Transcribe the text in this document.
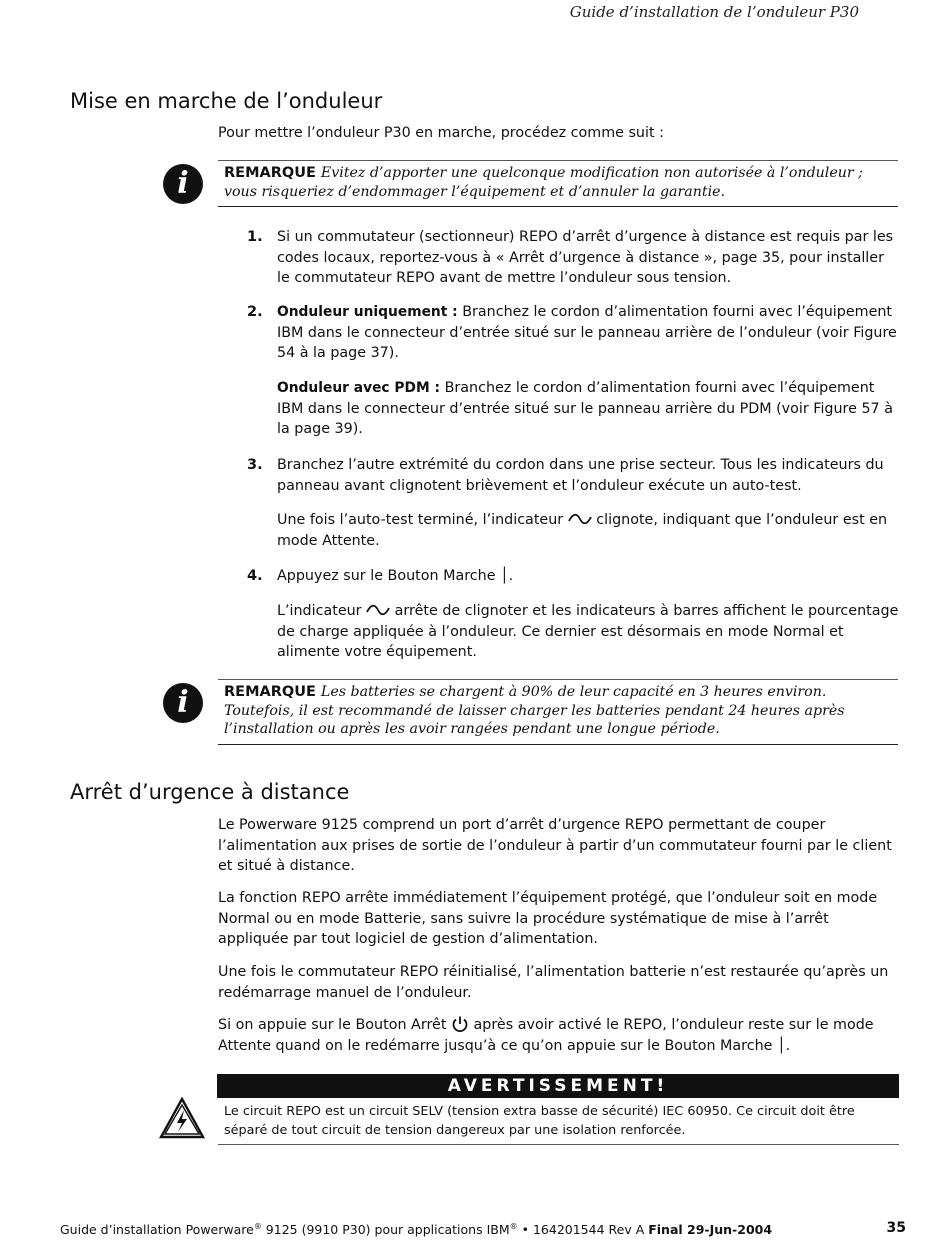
Guide d’installation de l’onduleur P30
Mise en marche de l’onduleur

Pour mettre l’onduleur P30 en marche, procédez comme suit :

i	REMARQUE Evitez d’apporter une quelconque modification non autorisée à l’onduleur ; vous risqueriez d’endommager l’équipement et d’annuler la garantie.
1. Si un commutateur (sectionneur) REPO d’arrêt d’urgence à distance est requis par les codes locaux, reportez-vous à « Arrêt d’urgence à distance », page 35, pour installer le commutateur REPO avant de mettre l’onduleur sous tension.

2. Onduleur uniquement : Branchez le cordon d’alimentation fourni avec l’équipement IBM dans le connecteur d’entrée situé sur le panneau arrière de l’onduleur (voir Figure 54 à la page 37).

Onduleur avec PDM : Branchez le cordon d’alimentation fourni avec l’équipement IBM dans le connecteur d’entrée situé sur le panneau arrière du PDM (voir Figure 57 à la page 39).

3. Branchez l’autre extrémité du cordon dans une prise secteur. Tous les indicateurs du panneau avant clignotent brièvement et l’onduleur exécute un auto-test.

Une fois l’auto-test terminé, l’indicateur clignote, indiquant que l’onduleur est en mode Attente.

4. Appuyez sur le Bouton Marche │.

L’indicateur arrête de clignoter et les indicateurs à barres affichent le pourcentage de charge appliquée à l’onduleur. Ce dernier est désormais en mode Normal et alimente votre équipement.

i	REMARQUE Les batteries se chargent à 90% de leur capacité en 3 heures environ. Toutefois, il est recommandé de laisser charger les batteries pendant 24 heures après l’installation ou après les avoir rangées pendant une longue période.
Arrêt d’urgence à distance

Le Powerware 9125 comprend un port d’arrêt d’urgence REPO permettant de couper l’alimentation aux prises de sortie de l’onduleur à partir d’un commutateur fourni par le client et situé à distance.

La fonction REPO arrête immédiatement l’équipement protégé, que l’onduleur soit en mode Normal ou en mode Batterie, sans suivre la procédure systématique de mise à l’arrêt appliquée par tout logiciel de gestion d’alimentation.

Une fois le commutateur REPO réinitialisé, l’alimentation batterie n’est restaurée qu’après un redémarrage manuel de l’onduleur.

Si on appuie sur le Bouton Arrêt après avoir activé le REPO, l’onduleur reste sur le mode Attente quand on le redémarre jusqu’à ce qu’on appuie sur le Bouton Marche │.

AVERTISSEMENT!
Le circuit REPO est un circuit SELV (tension extra basse de sécurité) IEC 60950. Ce circuit doit être séparé de tout circuit de tension dangereux par une isolation renforcée.
Guide d’installation Powerware® 9125 (9910 P30) pour applications IBM® • 164201544 Rev A Final 29-Jun-2004	35
